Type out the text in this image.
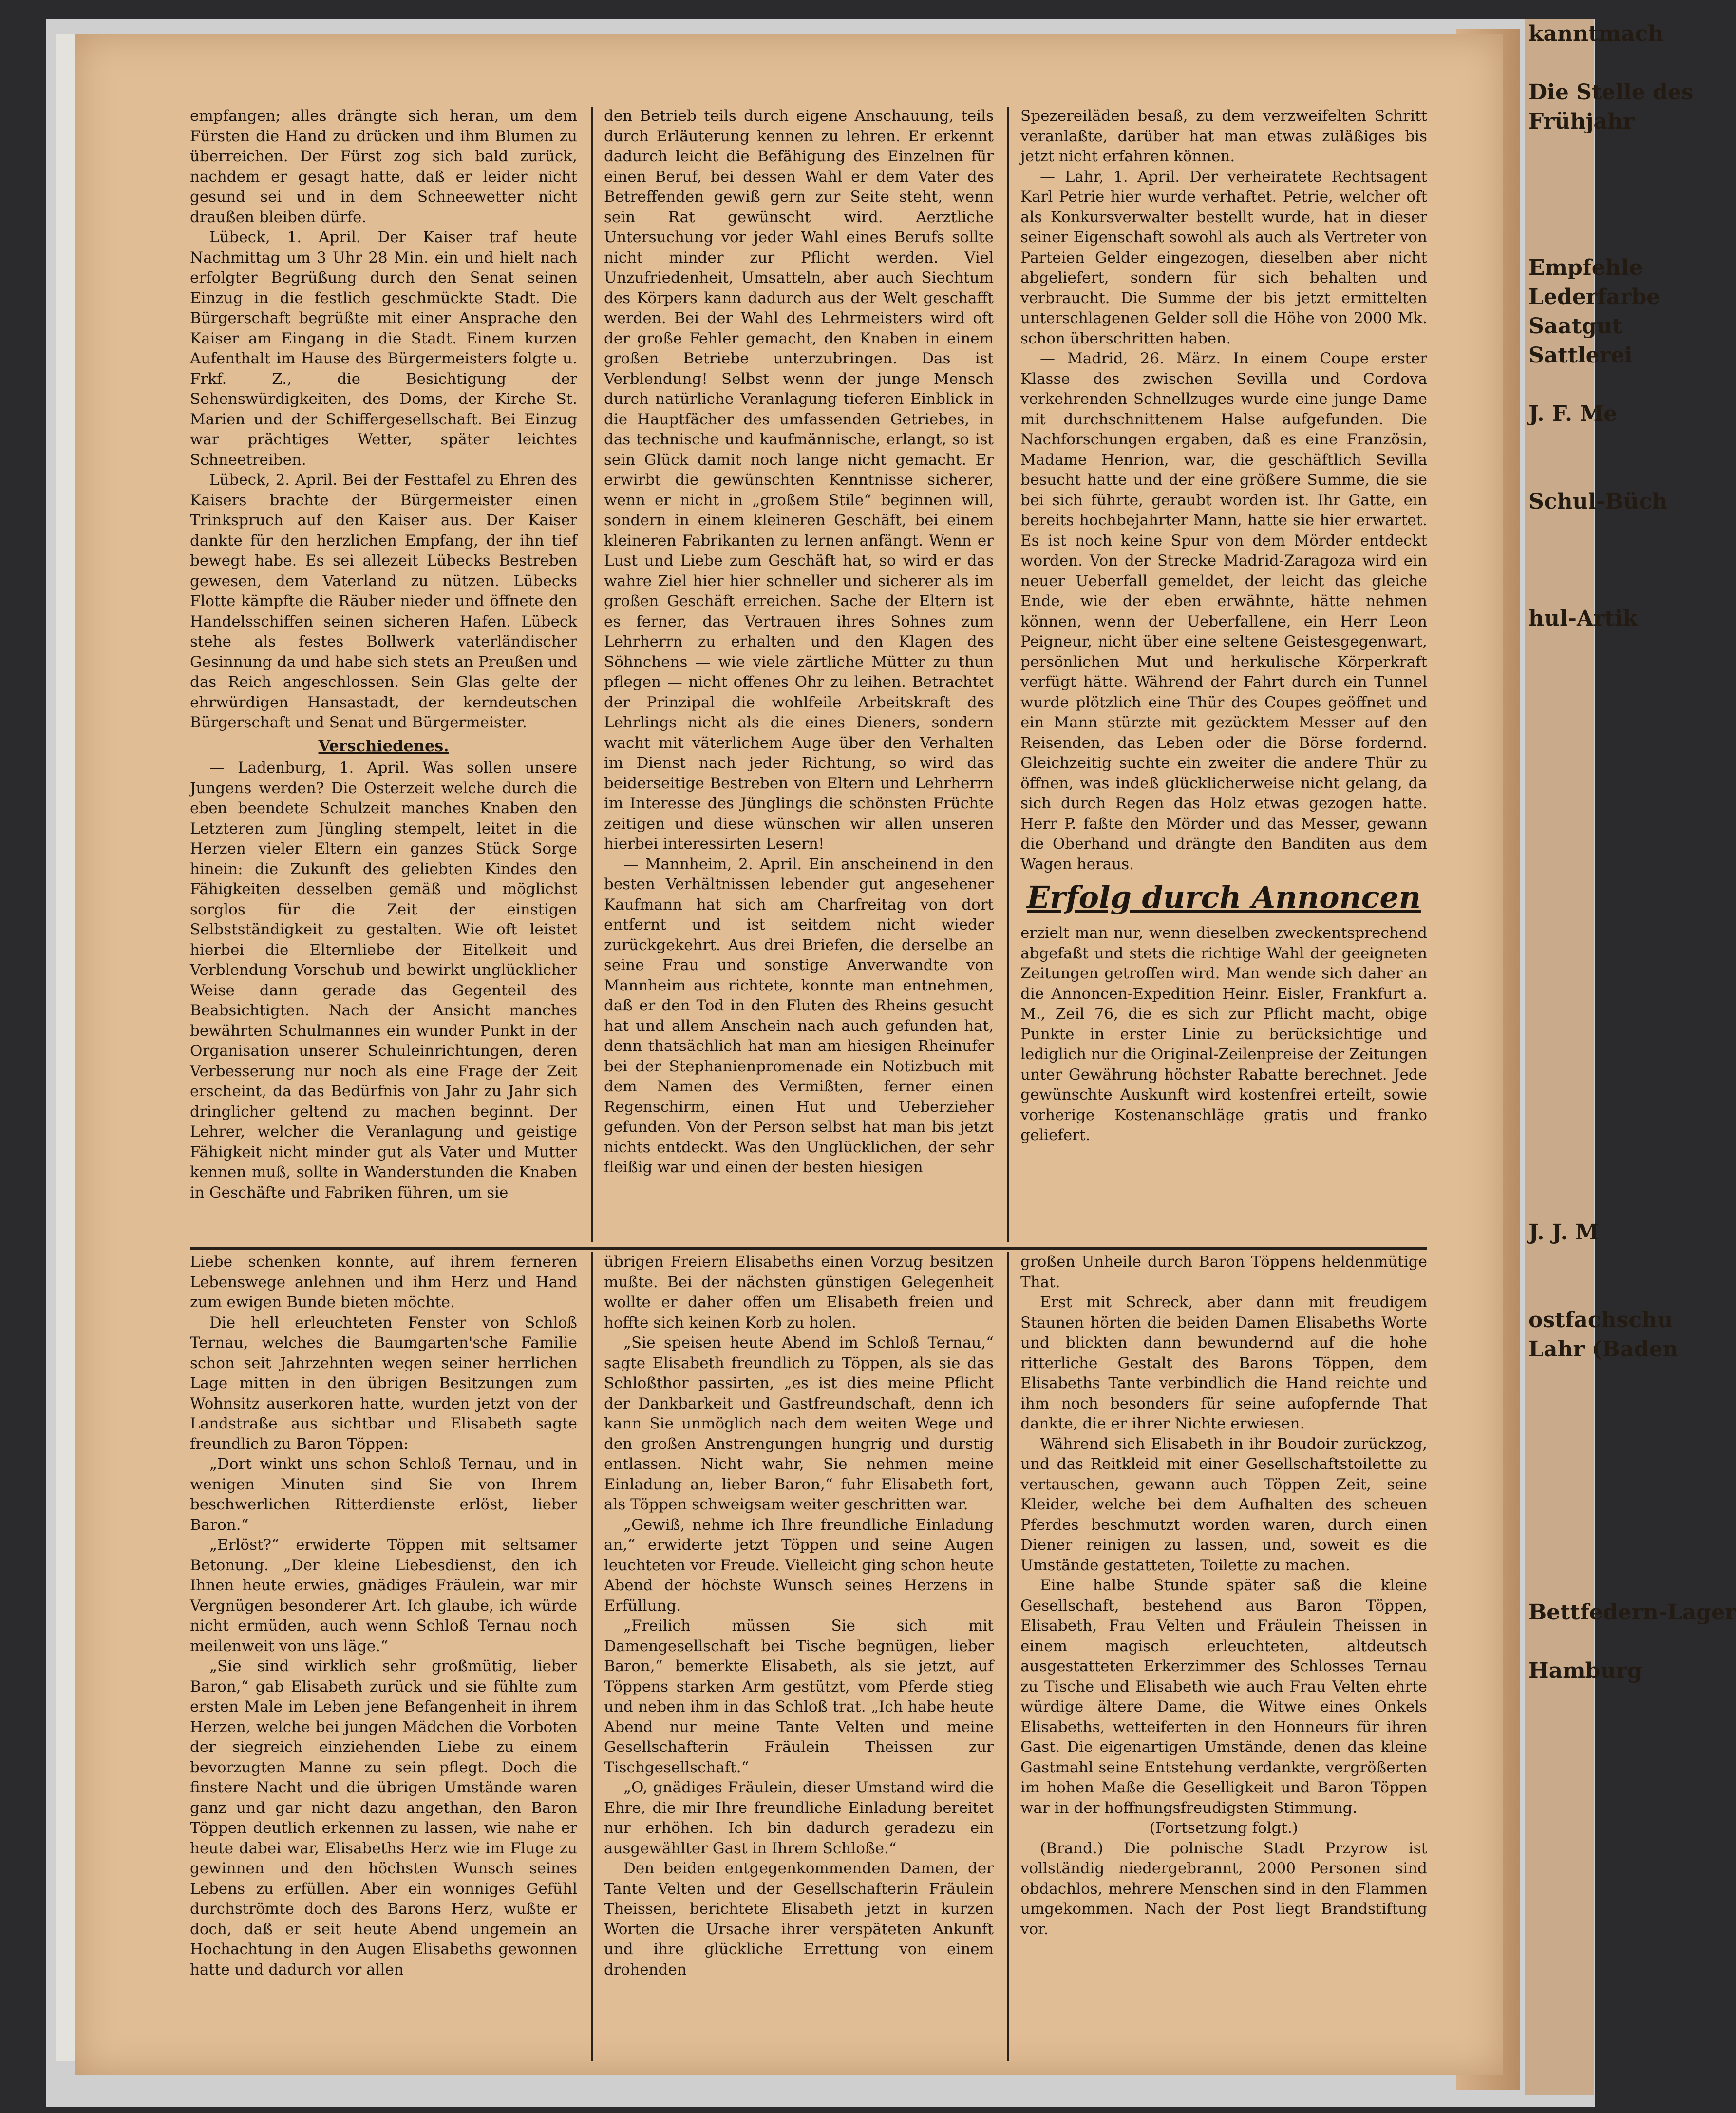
kanntmach

Die Stelle des
Frühjahr

Empfehle
Lederfarbe
Saatgut
Sattlerei

J. F. Me

Schul-Büch

hul-Artik

J. J. M

ostfachschu
Lahr (Baden

Bettfedern-Lager

Hamburg

empfangen; alles drängte sich heran, um dem Fürsten die Hand zu drücken und ihm Blumen zu überreichen. Der Fürst zog sich bald zurück, nachdem er gesagt hatte, daß er leider nicht gesund sei und in dem Schneewetter nicht draußen bleiben dürfe.

Lübeck, 1. April. Der Kaiser traf heute Nachmittag um 3 Uhr 28 Min. ein und hielt nach erfolgter Begrüßung durch den Senat seinen Einzug in die festlich geschmückte Stadt. Die Bürgerschaft begrüßte mit einer Ansprache den Kaiser am Eingang in die Stadt. Einem kurzen Aufenthalt im Hause des Bürgermeisters folgte u. Frkf. Z., die Besichtigung der Sehenswürdigkeiten, des Doms, der Kirche St. Marien und der Schiffergesellschaft. Bei Einzug war prächtiges Wetter, später leichtes Schneetreiben.

Lübeck, 2. April. Bei der Festtafel zu Ehren des Kaisers brachte der Bürgermeister einen Trinkspruch auf den Kaiser aus. Der Kaiser dankte für den herzlichen Empfang, der ihn tief bewegt habe. Es sei allezeit Lübecks Bestreben gewesen, dem Vaterland zu nützen. Lübecks Flotte kämpfte die Räuber nieder und öffnete den Handelsschiffen seinen sicheren Hafen. Lübeck stehe als festes Bollwerk vaterländischer Gesinnung da und habe sich stets an Preußen und das Reich angeschlossen. Sein Glas gelte der ehrwürdigen Hansastadt, der kerndeutschen Bürgerschaft und Senat und Bürgermeister.

Verschiedenes.

— Ladenburg, 1. April. Was sollen unsere Jungens werden? Die Osterzeit welche durch die eben beendete Schulzeit manches Knaben den Letzteren zum Jüngling stempelt, leitet in die Herzen vieler Eltern ein ganzes Stück Sorge hinein: die Zukunft des geliebten Kindes den Fähigkeiten desselben gemäß und möglichst sorglos für die Zeit der einstigen Selbstständigkeit zu gestalten. Wie oft leistet hierbei die Elternliebe der Eitelkeit und Verblendung Vorschub und bewirkt unglücklicher Weise dann gerade das Gegenteil des Beabsichtigten. Nach der Ansicht manches bewährten Schulmannes ein wunder Punkt in der Organisation unserer Schuleinrichtungen, deren Verbesserung nur noch als eine Frage der Zeit erscheint, da das Bedürfnis von Jahr zu Jahr sich dringlicher geltend zu machen beginnt. Der Lehrer, welcher die Veranlagung und geistige Fähigkeit nicht minder gut als Vater und Mutter kennen muß, sollte in Wanderstunden die Knaben in Geschäfte und Fabriken führen, um sie

den Betrieb teils durch eigene Anschauung, teils durch Erläuterung kennen zu lehren. Er erkennt dadurch leicht die Befähigung des Einzelnen für einen Beruf, bei dessen Wahl er dem Vater des Betreffenden gewiß gern zur Seite steht, wenn sein Rat gewünscht wird. Aerztliche Untersuchung vor jeder Wahl eines Berufs sollte nicht minder zur Pflicht werden. Viel Unzufriedenheit, Umsatteln, aber auch Siechtum des Körpers kann dadurch aus der Welt geschafft werden. Bei der Wahl des Lehrmeisters wird oft der große Fehler gemacht, den Knaben in einem großen Betriebe unterzubringen. Das ist Verblendung! Selbst wenn der junge Mensch durch natürliche Veranlagung tieferen Einblick in die Hauptfächer des umfassenden Getriebes, in das technische und kaufmännische, erlangt, so ist sein Glück damit noch lange nicht gemacht. Er erwirbt die gewünschten Kenntnisse sicherer, wenn er nicht in „großem Stile“ beginnen will, sondern in einem kleineren Geschäft, bei einem kleineren Fabrikanten zu lernen anfängt. Wenn er Lust und Liebe zum Geschäft hat, so wird er das wahre Ziel hier hier schneller und sicherer als im großen Geschäft erreichen. Sache der Eltern ist es ferner, das Vertrauen ihres Sohnes zum Lehrherrn zu erhalten und den Klagen des Söhnchens — wie viele zärtliche Mütter zu thun pflegen — nicht offenes Ohr zu leihen. Betrachtet der Prinzipal die wohlfeile Arbeitskraft des Lehrlings nicht als die eines Dieners, sondern wacht mit väterlichem Auge über den Verhalten im Dienst nach jeder Richtung, so wird das beiderseitige Bestreben von Eltern und Lehrherrn im Interesse des Jünglings die schönsten Früchte zeitigen und diese wünschen wir allen unseren hierbei interessirten Lesern!

— Mannheim, 2. April. Ein anscheinend in den besten Verhältnissen lebender gut angesehener Kaufmann hat sich am Charfreitag von dort entfernt und ist seitdem nicht wieder zurückgekehrt. Aus drei Briefen, die derselbe an seine Frau und sonstige Anverwandte von Mannheim aus richtete, konnte man entnehmen, daß er den Tod in den Fluten des Rheins gesucht hat und allem Anschein nach auch gefunden hat, denn thatsächlich hat man am hiesigen Rheinufer bei der Stephanienpromenade ein Notizbuch mit dem Namen des Vermißten, ferner einen Regenschirm, einen Hut und Ueberzieher gefunden. Von der Person selbst hat man bis jetzt nichts entdeckt. Was den Unglücklichen, der sehr fleißig war und einen der besten hiesigen

Spezereiläden besaß, zu dem verzweifelten Schritt veranlaßte, darüber hat man etwas zuläßiges bis jetzt nicht erfahren können.

— Lahr, 1. April. Der verheiratete Rechtsagent Karl Petrie hier wurde verhaftet. Petrie, welcher oft als Konkursverwalter bestellt wurde, hat in dieser seiner Eigenschaft sowohl als auch als Vertreter von Parteien Gelder eingezogen, dieselben aber nicht abgeliefert, sondern für sich behalten und verbraucht. Die Summe der bis jetzt ermittelten unterschlagenen Gelder soll die Höhe von 2000 Mk. schon überschritten haben.

— Madrid, 26. März. In einem Coupe erster Klasse des zwischen Sevilla und Cordova verkehrenden Schnellzuges wurde eine junge Dame mit durchschnittenem Halse aufgefunden. Die Nachforschungen ergaben, daß es eine Französin, Madame Henrion, war, die geschäftlich Sevilla besucht hatte und der eine größere Summe, die sie bei sich führte, geraubt worden ist. Ihr Gatte, ein bereits hochbejahrter Mann, hatte sie hier erwartet. Es ist noch keine Spur von dem Mörder entdeckt worden. Von der Strecke Madrid-Zaragoza wird ein neuer Ueberfall gemeldet, der leicht das gleiche Ende, wie der eben erwähnte, hätte nehmen können, wenn der Ueberfallene, ein Herr Leon Peigneur, nicht über eine seltene Geistesgegenwart, persönlichen Mut und herkulische Körperkraft verfügt hätte. Während der Fahrt durch ein Tunnel wurde plötzlich eine Thür des Coupes geöffnet und ein Mann stürzte mit gezücktem Messer auf den Reisenden, das Leben oder die Börse fordernd. Gleichzeitig suchte ein zweiter die andere Thür zu öffnen, was indeß glücklicherweise nicht gelang, da sich durch Regen das Holz etwas gezogen hatte. Herr P. faßte den Mörder und das Messer, gewann die Oberhand und drängte den Banditen aus dem Wagen heraus.

Erfolg durch Annoncen

erzielt man nur, wenn dieselben zweckentsprechend abgefaßt und stets die richtige Wahl der geeigneten Zeitungen getroffen wird. Man wende sich daher an die Annoncen-Expedition Heinr. Eisler, Frankfurt a. M., Zeil 76, die es sich zur Pflicht macht, obige Punkte in erster Linie zu berücksichtige und lediglich nur die Original-Zeilenpreise der Zeitungen unter Gewährung höchster Rabatte berechnet. Jede gewünschte Auskunft wird kostenfrei erteilt, sowie vorherige Kostenanschläge gratis und franko geliefert.

Liebe schenken konnte, auf ihrem ferneren Lebenswege anlehnen und ihm Herz und Hand zum ewigen Bunde bieten möchte.

Die hell erleuchteten Fenster von Schloß Ternau, welches die Baumgarten'sche Familie schon seit Jahrzehnten wegen seiner herrlichen Lage mitten in den übrigen Besitzungen zum Wohnsitz auserkoren hatte, wurden jetzt von der Landstraße aus sichtbar und Elisabeth sagte freundlich zu Baron Töppen:

„Dort winkt uns schon Schloß Ternau, und in wenigen Minuten sind Sie von Ihrem beschwerlichen Ritterdienste erlöst, lieber Baron.“

„Erlöst?“ erwiderte Töppen mit seltsamer Betonung. „Der kleine Liebesdienst, den ich Ihnen heute erwies, gnädiges Fräulein, war mir Vergnügen besonderer Art. Ich glaube, ich würde nicht ermüden, auch wenn Schloß Ternau noch meilenweit von uns läge.“

„Sie sind wirklich sehr großmütig, lieber Baron,“ gab Elisabeth zurück und sie fühlte zum ersten Male im Leben jene Befangenheit in ihrem Herzen, welche bei jungen Mädchen die Vorboten der siegreich einziehenden Liebe zu einem bevorzugten Manne zu sein pflegt. Doch die finstere Nacht und die übrigen Umstände waren ganz und gar nicht dazu angethan, den Baron Töppen deutlich erkennen zu lassen, wie nahe er heute dabei war, Elisabeths Herz wie im Fluge zu gewinnen und den höchsten Wunsch seines Lebens zu erfüllen. Aber ein wonniges Gefühl durchströmte doch des Barons Herz, wußte er doch, daß er seit heute Abend ungemein an Hochachtung in den Augen Elisabeths gewonnen hatte und dadurch vor allen

übrigen Freiern Elisabeths einen Vorzug besitzen mußte. Bei der nächsten günstigen Gelegenheit wollte er daher offen um Elisabeth freien und hoffte sich keinen Korb zu holen.

„Sie speisen heute Abend im Schloß Ternau,“ sagte Elisabeth freundlich zu Töppen, als sie das Schloßthor passirten, „es ist dies meine Pflicht der Dankbarkeit und Gastfreundschaft, denn ich kann Sie unmöglich nach dem weiten Wege und den großen Anstrengungen hungrig und durstig entlassen. Nicht wahr, Sie nehmen meine Einladung an, lieber Baron,“ fuhr Elisabeth fort, als Töppen schweigsam weiter geschritten war.

„Gewiß, nehme ich Ihre freundliche Einladung an,“ erwiderte jetzt Töppen und seine Augen leuchteten vor Freude. Vielleicht ging schon heute Abend der höchste Wunsch seines Herzens in Erfüllung.

„Freilich müssen Sie sich mit Damengesellschaft bei Tische begnügen, lieber Baron,“ bemerkte Elisabeth, als sie jetzt, auf Töppens starken Arm gestützt, vom Pferde stieg und neben ihm in das Schloß trat. „Ich habe heute Abend nur meine Tante Velten und meine Gesellschafterin Fräulein Theissen zur Tischgesellschaft.“

„O, gnädiges Fräulein, dieser Umstand wird die Ehre, die mir Ihre freundliche Einladung bereitet nur erhöhen. Ich bin dadurch geradezu ein ausgewählter Gast in Ihrem Schloße.“

Den beiden entgegenkommenden Damen, der Tante Velten und der Gesellschafterin Fräulein Theissen, berichtete Elisabeth jetzt in kurzen Worten die Ursache ihrer verspäteten Ankunft und ihre glückliche Errettung von einem drohenden

großen Unheile durch Baron Töppens heldenmütige That.

Erst mit Schreck, aber dann mit freudigem Staunen hörten die beiden Damen Elisabeths Worte und blickten dann bewundernd auf die hohe ritterliche Gestalt des Barons Töppen, dem Elisabeths Tante verbindlich die Hand reichte und ihm noch besonders für seine aufopfernde That dankte, die er ihrer Nichte erwiesen.

Während sich Elisabeth in ihr Boudoir zurückzog, und das Reitkleid mit einer Gesellschaftstoilette zu vertauschen, gewann auch Töppen Zeit, seine Kleider, welche bei dem Aufhalten des scheuen Pferdes beschmutzt worden waren, durch einen Diener reinigen zu lassen, und, soweit es die Umstände gestatteten, Toilette zu machen.

Eine halbe Stunde später saß die kleine Gesellschaft, bestehend aus Baron Töppen, Elisabeth, Frau Velten und Fräulein Theissen in einem magisch erleuchteten, altdeutsch ausgestatteten Erkerzimmer des Schlosses Ternau zu Tische und Elisabeth wie auch Frau Velten ehrte würdige ältere Dame, die Witwe eines Onkels Elisabeths, wetteiferten in den Honneurs für ihren Gast. Die eigenartigen Umstände, denen das kleine Gastmahl seine Entstehung verdankte, vergrößerten im hohen Maße die Geselligkeit und Baron Töppen war in der hoffnungsfreudigsten Stimmung.

(Fortsetzung folgt.)

(Brand.) Die polnische Stadt Przyrow ist vollständig niedergebrannt, 2000 Personen sind obdachlos, mehrere Menschen sind in den Flammen umgekommen. Nach der Post liegt Brandstiftung vor.
